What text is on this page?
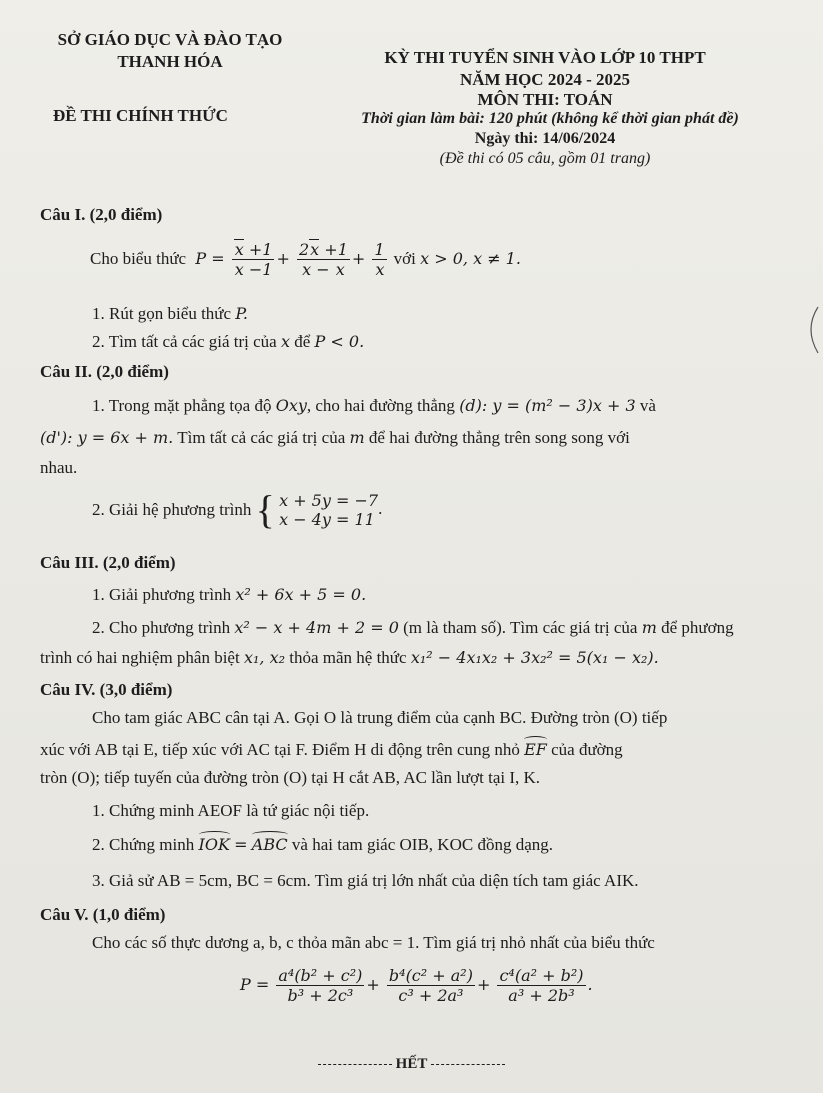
SỞ GIÁO DỤC VÀ ĐÀO TẠO
THANH HÓA
ĐỀ THI CHÍNH THỨC
KỲ THI TUYỂN SINH VÀO LỚP 10 THPT
NĂM HỌC 2024 - 2025
MÔN THI: TOÁN
Thời gian làm bài: 120 phút (không kể thời gian phát đề)
Ngày thi: 14/06/2024
(Đề thi có 05 câu, gồm 01 trang)
Câu I. (2,0 điểm)
Cho biểu thức  $P = \frac{x +1}{x -1} + \frac{2x +1}{x - x} + \frac{1}{x}$ với x > 0, x ≠ 1.
1. Rút gọn biểu thức P.
2. Tìm tất cả các giá trị của x để P < 0.
Câu II. (2,0 điểm)
1. Trong mặt phẳng tọa độ Oxy, cho hai đường thẳng (d): y = (m² − 3)x + 3 và
(d'): y = 6x + m. Tìm tất cả các giá trị của m để hai đường thẳng trên song song với
nhau.
2. Giải hệ phương trình { x + 5y = −7
x − 4y = 11
.
Câu III. (2,0 điểm)
1. Giải phương trình x² + 6x + 5 = 0.
2. Cho phương trình x² − x + 4m + 2 = 0 (m là tham số). Tìm các giá trị của m để phương
trình có hai nghiệm phân biệt x₁, x₂ thỏa mãn hệ thức x₁² − 4x₁x₂ + 3x₂² = 5(x₁ − x₂).
Câu IV. (3,0 điểm)
Cho tam giác ABC cân tại A. Gọi O là trung điểm của cạnh BC. Đường tròn (O) tiếp
xúc với AB tại E, tiếp xúc với AC tại F. Điểm H di động trên cung nhỏ EF của đường
tròn (O); tiếp tuyến của đường tròn (O) tại H cắt AB, AC lần lượt tại I, K.
1. Chứng minh AEOF là tứ giác nội tiếp.
2. Chứng minh IOK = ABC và hai tam giác OIB, KOC đồng dạng.
3. Giả sử AB = 5cm, BC = 6cm. Tìm giá trị lớn nhất của diện tích tam giác AIK.
Câu V. (1,0 điểm)
Cho các số thực dương a, b, c thỏa mãn abc = 1. Tìm giá trị nhỏ nhất của biểu thức
$P = \frac{\text{a⁴(b² + c²)}}{\text{b³ + 2c³}} + \frac{\text{b⁴(c² + a²)}}{\text{c³ + 2a³}} + \frac{\text{c⁴(a² + b²)}}{\text{a³ + 2b³}}$ .
HẾT
